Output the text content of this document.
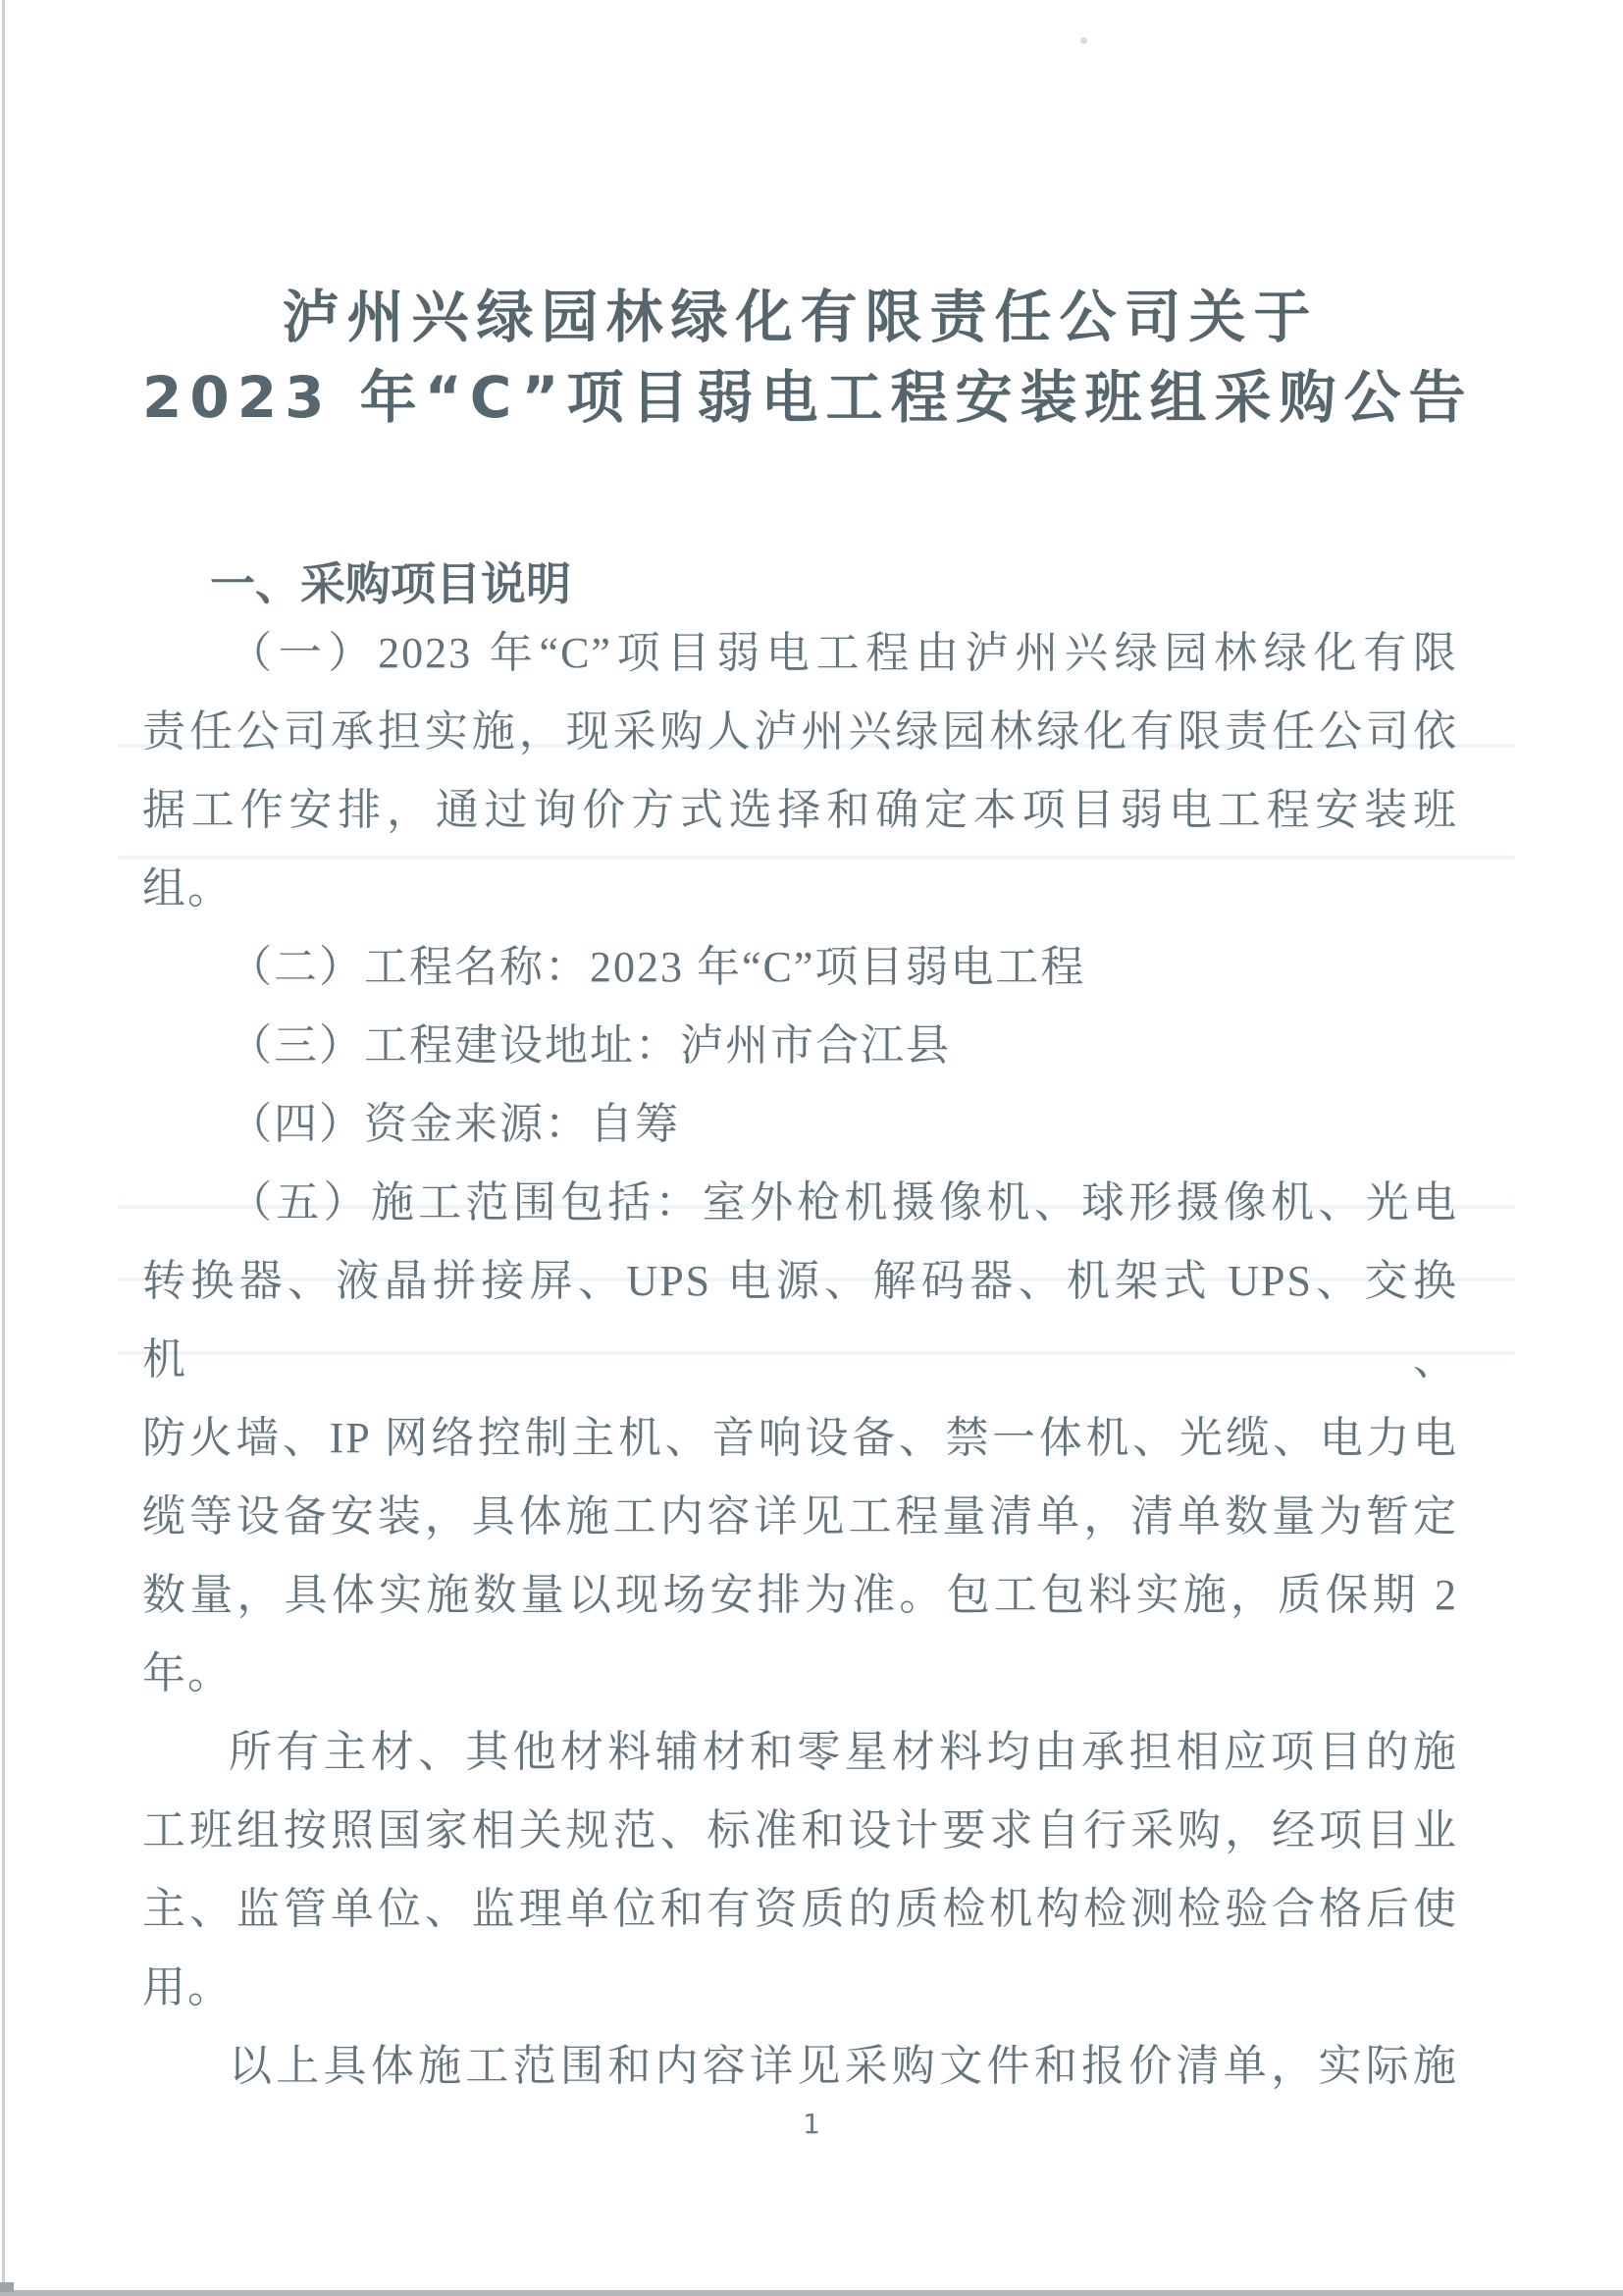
泸州兴绿园林绿化有限责任公司关于
2023 年“C”项目弱电工程安装班组采购公告
一、采购项目说明
（一）2023 年“C”项目弱电工程由泸州兴绿园林绿化有限
责任公司承担实施，现采购人泸州兴绿园林绿化有限责任公司依
据工作安排，通过询价方式选择和确定本项目弱电工程安装班
组。
（二）工程名称：2023 年“C”项目弱电工程
（三）工程建设地址：泸州市合江县
（四）资金来源：自筹
（五）施工范围包括：室外枪机摄像机、球形摄像机、光电
转换器、液晶拼接屏、UPS 电源、解码器、机架式 UPS、交换机、
防火墙、IP 网络控制主机、音响设备、禁一体机、光缆、电力电
缆等设备安装，具体施工内容详见工程量清单，清单数量为暂定
数量，具体实施数量以现场安排为准。包工包料实施，质保期 2
年。
所有主材、其他材料辅材和零星材料均由承担相应项目的施
工班组按照国家相关规范、标准和设计要求自行采购，经项目业
主、监管单位、监理单位和有资质的质检机构检测检验合格后使
用。
以上具体施工范围和内容详见采购文件和报价清单，实际施
1
